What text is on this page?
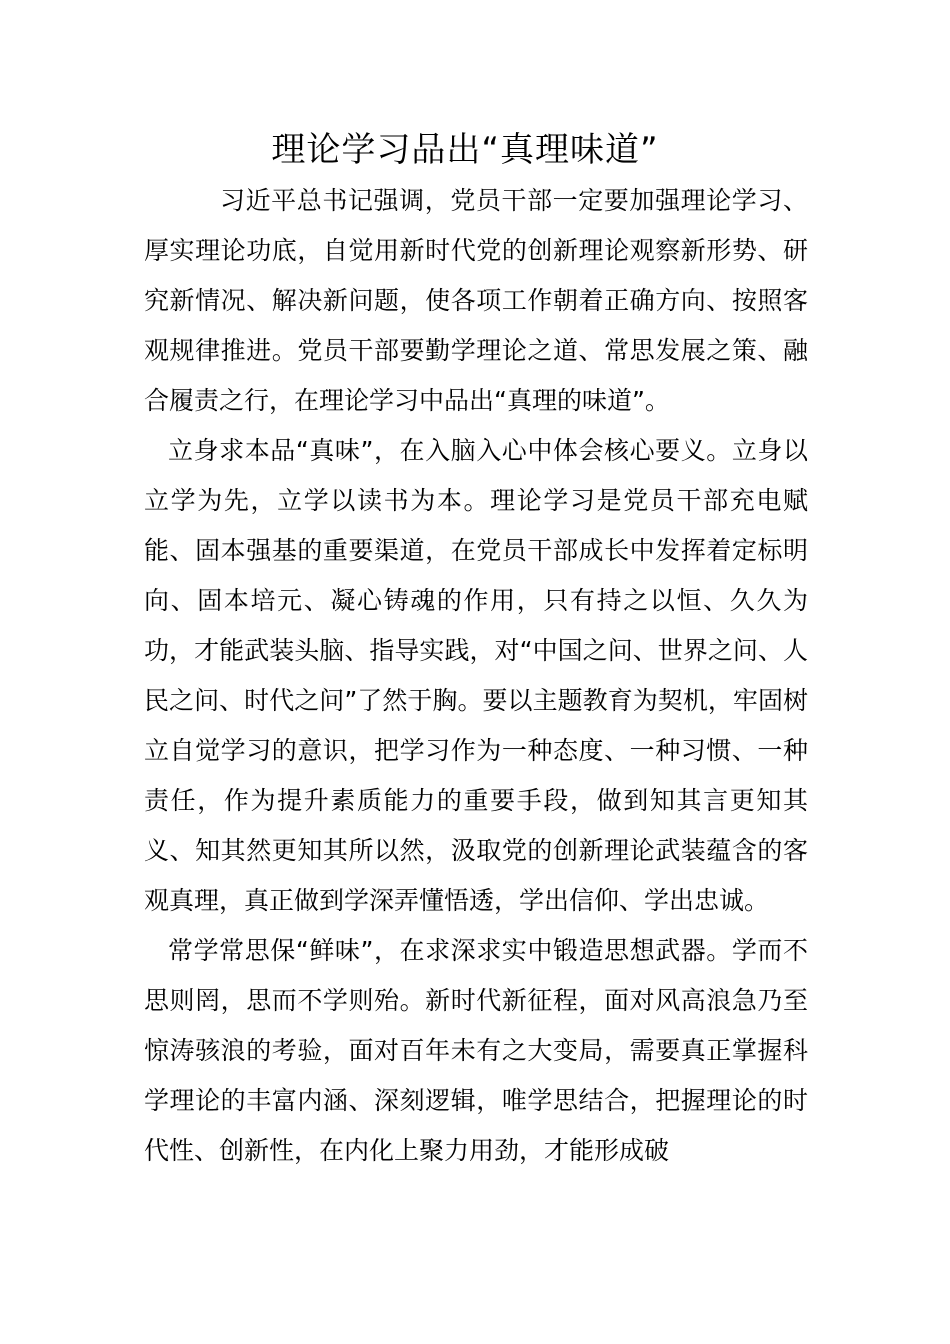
理论学习品出“真理味道”

习近平总书记强调，党员干部一定要加强理论学习、厚实理论功底，自觉用新时代党的创新理论观察新形势、研究新情况、解决新问题，使各项工作朝着正确方向、按照客观规律推进。党员干部要勤学理论之道、常思发展之策、融合履责之行，在理论学习中品出“真理的味道”。

立身求本品“真味”，在入脑入心中体会核心要义。立身以立学为先，立学以读书为本。理论学习是党员干部充电赋能、固本强基的重要渠道，在党员干部成长中发挥着定标明向、固本培元、凝心铸魂的作用，只有持之以恒、久久为功，才能武装头脑、指导实践，对“中国之问、世界之问、人民之问、时代之问”了然于胸。要以主题教育为契机，牢固树立自觉学习的意识，把学习作为一种态度、一种习惯、一种责任，作为提升素质能力的重要手段，做到知其言更知其义、知其然更知其所以然，汲取党的创新理论武装蕴含的客观真理，真正做到学深弄懂悟透，学出信仰、学出忠诚。

常学常思保“鲜味”，在求深求实中锻造思想武器。学而不思则罔，思而不学则殆。新时代新征程，面对风高浪急乃至惊涛骇浪的考验，面对百年未有之大变局，需要真正掌握科学理论的丰富内涵、深刻逻辑，唯学思结合，把握理论的时代性、创新性，在内化上聚力用劲，才能形成破
